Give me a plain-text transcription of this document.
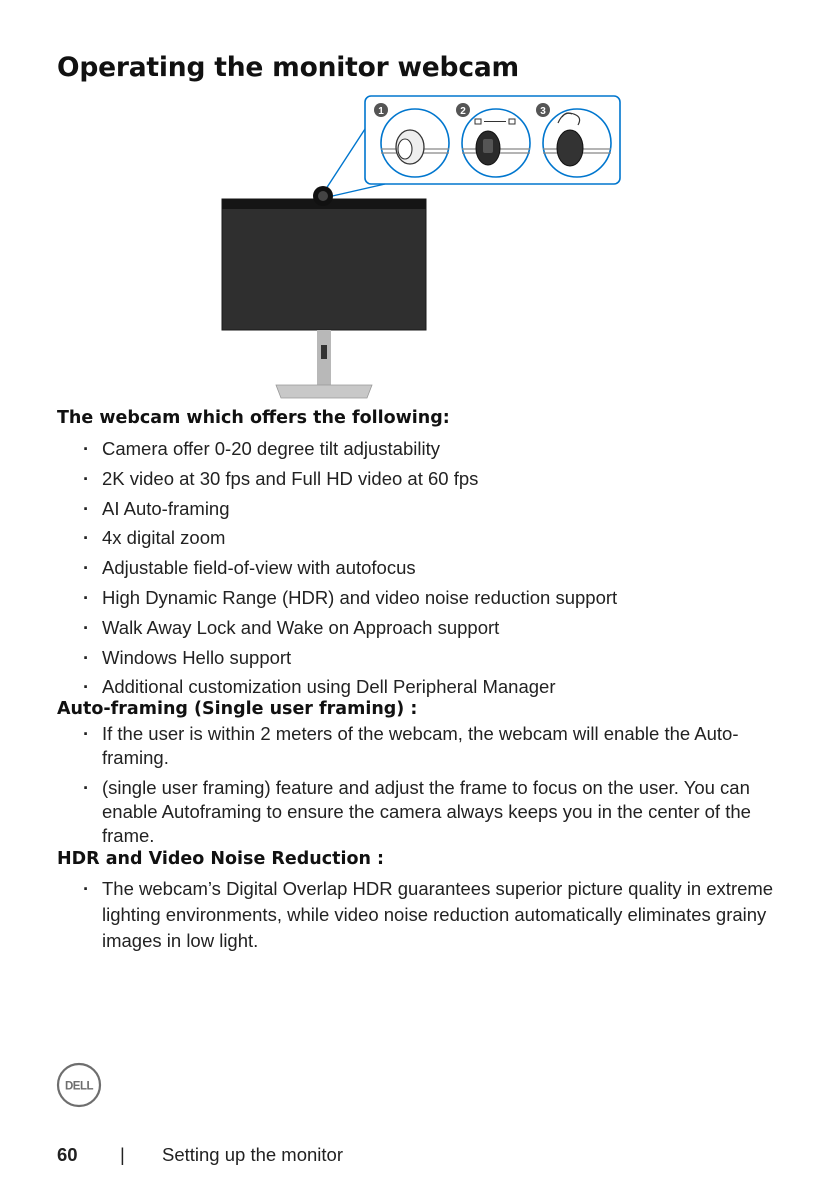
Operating the monitor webcam
1	2	3
The webcam which offers the following:
· Camera offer 0-20 degree tilt adjustability
· 2K video at 30 fps and Full HD video at 60 fps
· AI Auto-framing
· 4x digital zoom
· Adjustable field-of-view with autofocus
· High Dynamic Range (HDR) and video noise reduction support
· Walk Away Lock and Wake on Approach support
· Windows Hello support
· Additional customization using Dell Peripheral Manager
Auto-framing (Single user framing) :
· If the user is within 2 meters of the webcam, the webcam will enable the Auto-framing.
· (single user framing) feature and adjust the frame to focus on the user. You can enable Autoframing to ensure the camera always keeps you in the center of the frame.
HDR and Video Noise Reduction :
· The webcam’s Digital Overlap HDR guarantees superior picture quality in extreme lighting environments, while video noise reduction automatically eliminates grainy images in low light.
DELL
60 | Setting up the monitor
